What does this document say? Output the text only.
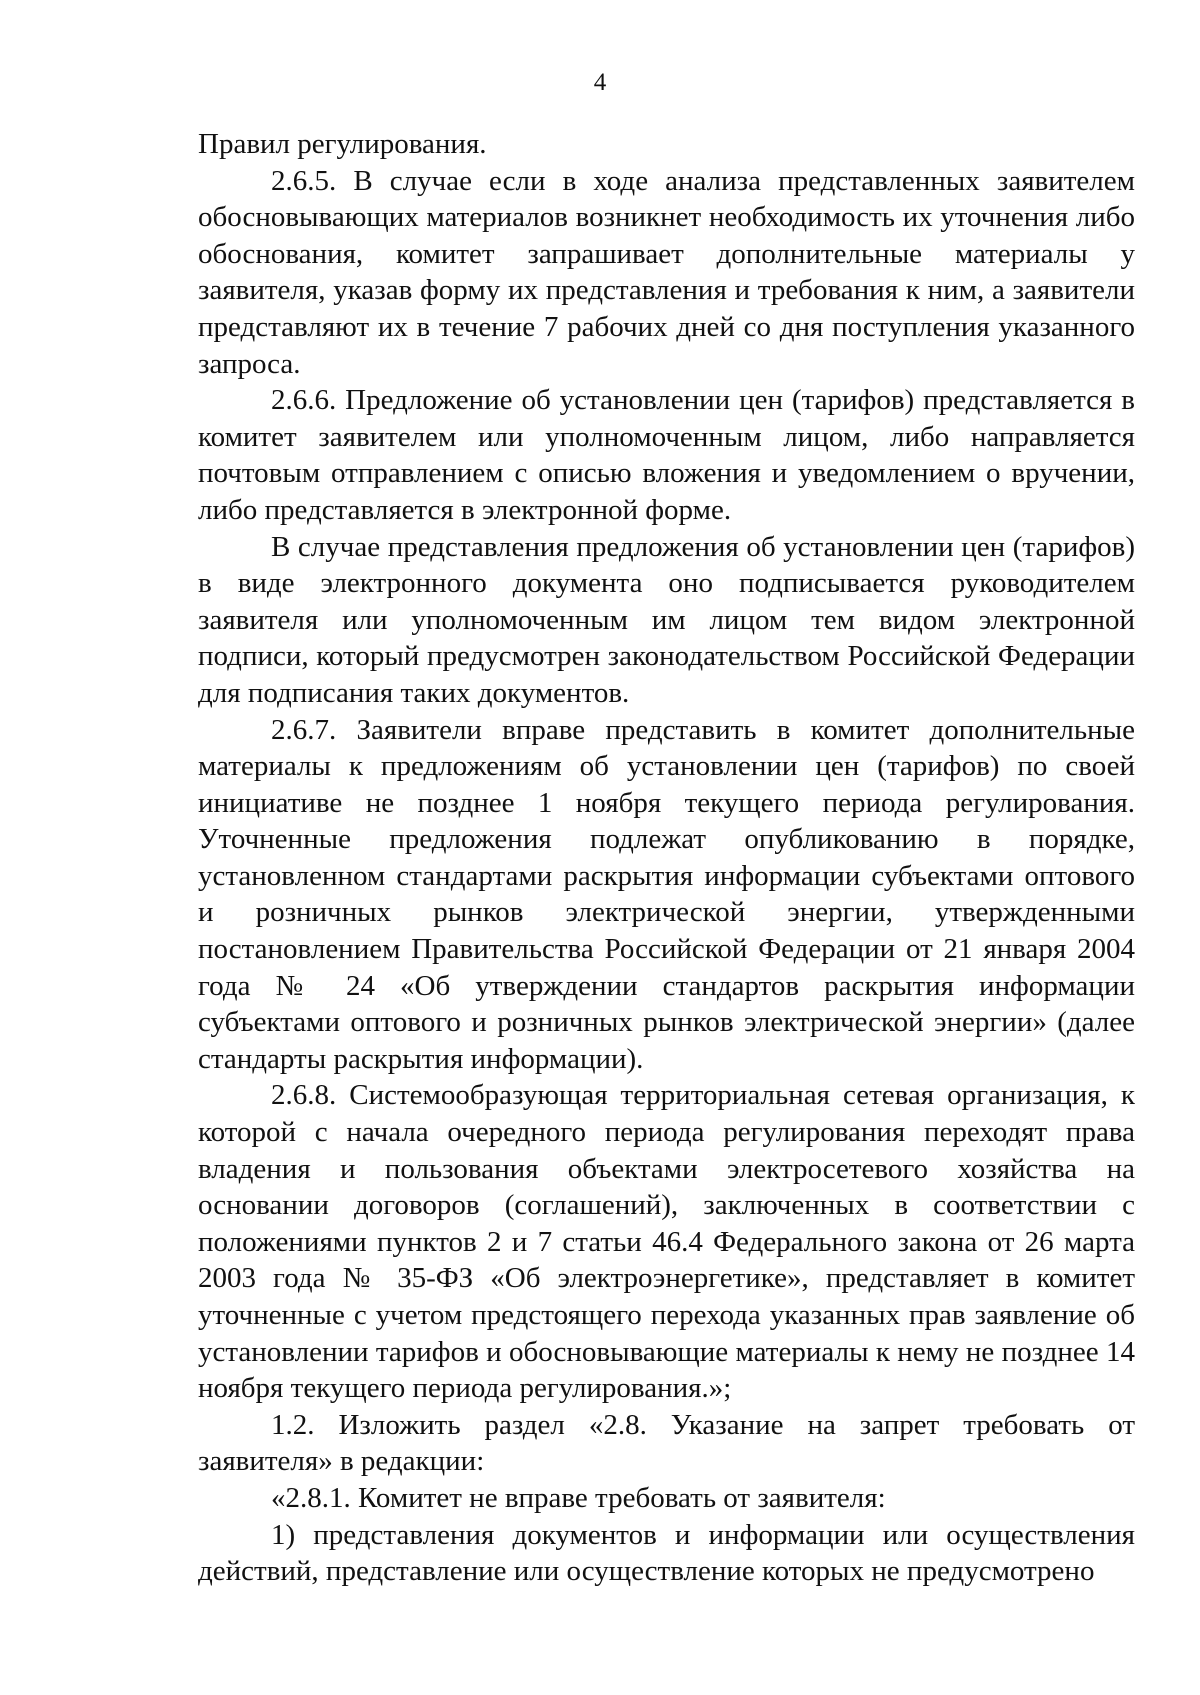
4

Правил регулирования.

2.6.5. В случае если в ходе анализа представленных заявителем обосновывающих материалов возникнет необходимость их уточнения либо обоснования, комитет запрашивает дополнительные материалы у заявителя, указав форму их представления и требования к ним, а заявители представляют их в течение 7 рабочих дней со дня поступления указанного запроса.

2.6.6. Предложение об установлении цен (тарифов) представляется в комитет заявителем или уполномоченным лицом, либо направляется почтовым отправлением с описью вложения и уведомлением о вручении, либо представляется в электронной форме.

В случае представления предложения об установлении цен (тарифов) в виде электронного документа оно подписывается руководителем заявителя или уполномоченным им лицом тем видом электронной подписи, который предусмотрен законодательством Российской Федерации для подписания таких документов.

2.6.7. Заявители вправе представить в комитет дополнительные материалы к предложениям об установлении цен (тарифов) по своей инициативе не позднее 1 ноября текущего периода регулирования. Уточненные предложения подлежат опубликованию в порядке, установленном стандартами раскрытия информации субъектами оптового и розничных рынков электрической энергии, утвержденными постановлением Правительства Российской Федерации от 21 января 2004 года № 24 «Об утверждении стандартов раскрытия информации субъектами оптового и розничных рынков электрической энергии» (далее стандарты раскрытия информации).

2.6.8. Системообразующая территориальная сетевая организация, к которой с начала очередного периода регулирования переходят права владения и пользования объектами электросетевого хозяйства на основании договоров (соглашений), заключенных в соответствии с положениями пунктов 2 и 7 статьи 46.4 Федерального закона от 26 марта 2003 года № 35-ФЗ «Об электроэнергетике», представляет в комитет уточненные с учетом предстоящего перехода указанных прав заявление об установлении тарифов и обосновывающие материалы к нему не позднее 14 ноября текущего периода регулирования.»;

1.2. Изложить раздел «2.8. Указание на запрет требовать от заявителя» в редакции:

«2.8.1. Комитет не вправе требовать от заявителя:

1) представления документов и информации или осуществления действий, представление или осуществление которых не предусмотрено
